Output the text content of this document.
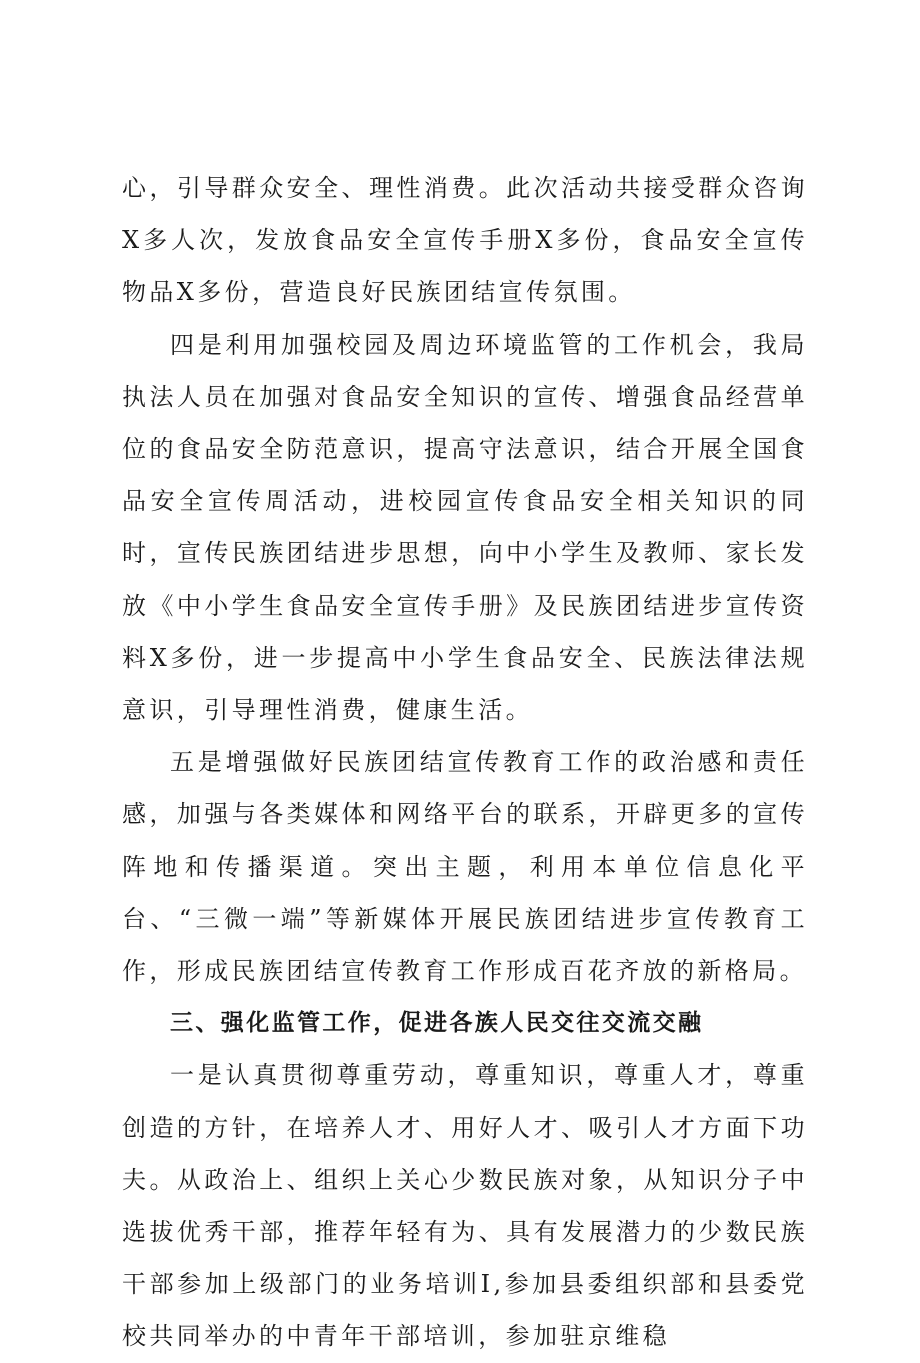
心，引导群众安全、理性消费。此次活动共接受群众咨询X多人次，发放食品安全宣传手册X多份，食品安全宣传物品X多份，营造良好民族团结宣传氛围。

四是利用加强校园及周边环境监管的工作机会，我局执法人员在加强对食品安全知识的宣传、增强食品经营单位的食品安全防范意识，提高守法意识，结合开展全国食品安全宣传周活动，进校园宣传食品安全相关知识的同时，宣传民族团结进步思想，向中小学生及教师、家长发放《中小学生食品安全宣传手册》及民族团结进步宣传资料X多份，进一步提高中小学生食品安全、民族法律法规意识，引导理性消费，健康生活。

五是增强做好民族团结宣传教育工作的政治感和责任感，加强与各类媒体和网络平台的联系，开辟更多的宣传阵地和传播渠道。突出主题，利用本单位信息化平台、“三微一端”等新媒体开展民族团结进步宣传教育工作，形成民族团结宣传教育工作形成百花齐放的新格局。

三、强化监管工作，促进各族人民交往交流交融

一是认真贯彻尊重劳动，尊重知识，尊重人才，尊重创造的方针，在培养人才、用好人才、吸引人才方面下功夫。从政治上、组织上关心少数民族对象，从知识分子中选拔优秀干部，推荐年轻有为、具有发展潜力的少数民族干部参加上级部门的业务培训I,参加县委组织部和县委党校共同举办的中青年干部培训，参加驻京维稳
